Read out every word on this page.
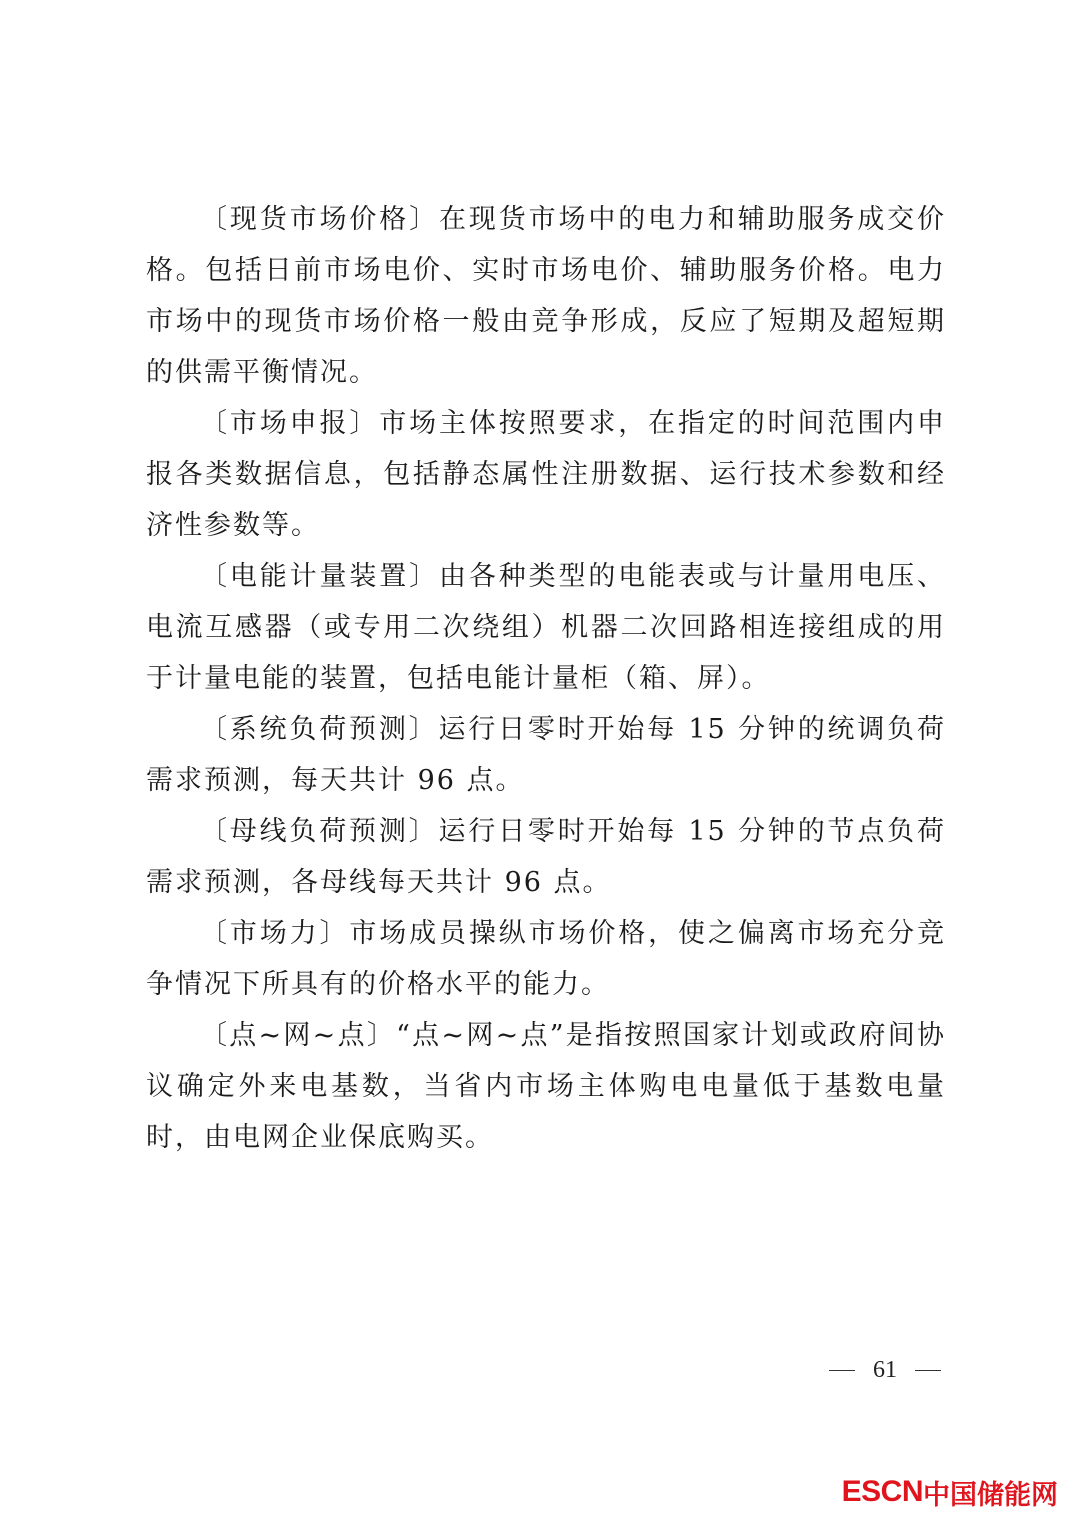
〔现货市场价格〕在现货市场中的电力和辅助服务成交价格。包括日前市场电价、实时市场电价、辅助服务价格。电力市场中的现货市场价格一般由竞争形成，反应了短期及超短期的供需平衡情况。

〔市场申报〕市场主体按照要求，在指定的时间范围内申报各类数据信息，包括静态属性注册数据、运行技术参数和经济性参数等。

〔电能计量装置〕由各种类型的电能表或与计量用电压、电流互感器（或专用二次绕组）机器二次回路相连接组成的用于计量电能的装置，包括电能计量柜（箱、屏）。

〔系统负荷预测〕运行日零时开始每 15 分钟的统调负荷需求预测，每天共计 96 点。

〔母线负荷预测〕运行日零时开始每 15 分钟的节点负荷需求预测，各母线每天共计 96 点。

〔市场力〕市场成员操纵市场价格，使之偏离市场充分竞争情况下所具有的价格水平的能力。

〔点~网~点〕“点~网~点”是指按照国家计划或政府间协议确定外来电基数，当省内市场主体购电电量低于基数电量时，由电网企业保底购买。

61
ESCN 中国储能网
